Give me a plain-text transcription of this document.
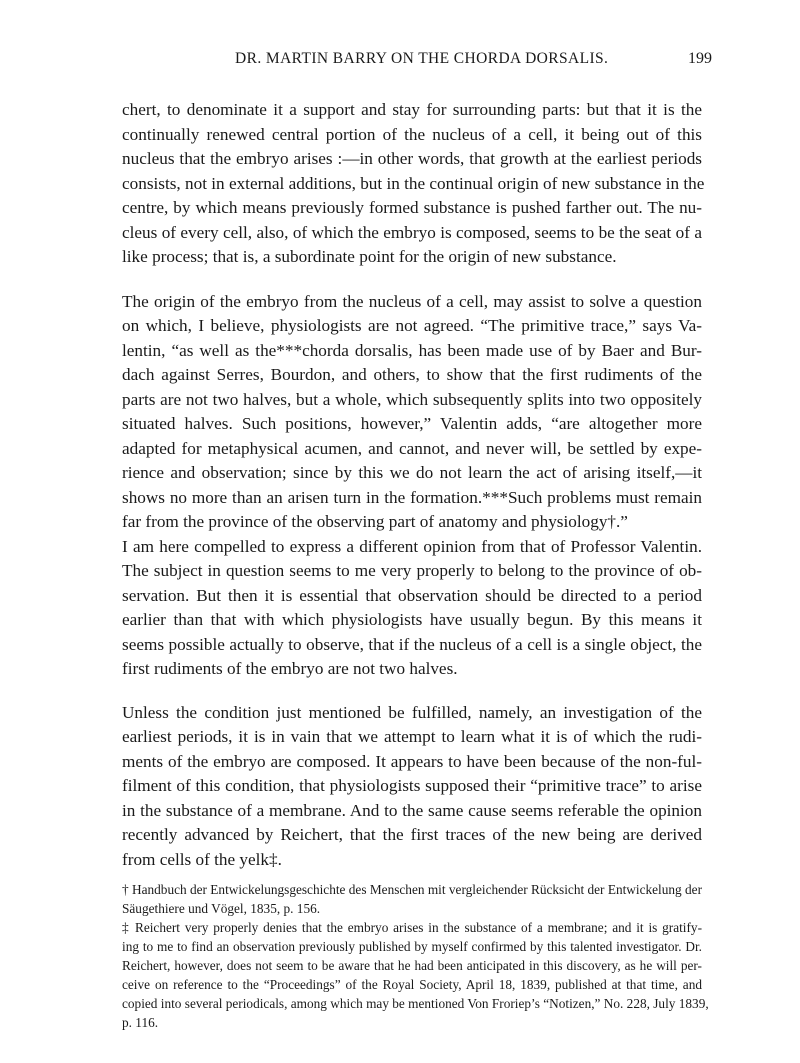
DR. MARTIN BARRY ON THE CHORDA DORSALIS.	199

chert, to denominate it a support and stay for surrounding parts: but that it is the
continually renewed central portion of the nucleus of a cell, it being out of this
nucleus that the embryo arises :—in other words, that growth at the earliest periods
consists, not in external additions, but in the continual origin of new substance in the
centre, by which means previously formed substance is pushed farther out. The nu-
cleus of every cell, also, of which the embryo is composed, seems to be the seat of a
like process; that is, a subordinate point for the origin of new substance.

The origin of the embryo from the nucleus of a cell, may assist to solve a question
on which, I believe, physiologists are not agreed. “The primitive trace,” says Va-
lentin, “as well as the***chorda dorsalis, has been made use of by Baer and Bur-
dach against Serres, Bourdon, and others, to show that the first rudiments of the
parts are not two halves, but a whole, which subsequently splits into two oppositely
situated halves. Such positions, however,” Valentin adds, “are altogether more
adapted for metaphysical acumen, and cannot, and never will, be settled by expe-
rience and observation; since by this we do not learn the act of arising itself,—it
shows no more than an arisen turn in the formation.***Such problems must remain
far from the province of the observing part of anatomy and physiology†.”

I am here compelled to express a different opinion from that of Professor Valentin.
The subject in question seems to me very properly to belong to the province of ob-
servation. But then it is essential that observation should be directed to a period
earlier than that with which physiologists have usually begun. By this means it
seems possible actually to observe, that if the nucleus of a cell is a single object, the
first rudiments of the embryo are not two halves.

Unless the condition just mentioned be fulfilled, namely, an investigation of the
earliest periods, it is in vain that we attempt to learn what it is of which the rudi-
ments of the embryo are composed. It appears to have been because of the non-ful-
filment of this condition, that physiologists supposed their “primitive trace” to arise
in the substance of a membrane. And to the same cause seems referable the opinion
recently advanced by Reichert, that the first traces of the new being are derived
from cells of the yelk‡.

† Handbuch der Entwickelungsgeschichte des Menschen mit vergleichender Rücksicht der Entwickelung der
Säugethiere und Vögel, 1835, p. 156.

‡ Reichert very properly denies that the embryo arises in the substance of a membrane; and it is gratify-
ing to me to find an observation previously published by myself confirmed by this talented investigator. Dr.
Reichert, however, does not seem to be aware that he had been anticipated in this discovery, as he will per-
ceive on reference to the “Proceedings” of the Royal Society, April 18, 1839, published at that time, and
copied into several periodicals, among which may be mentioned Von Froriep’s “Notizen,” No. 228, July 1839,
p. 116.
